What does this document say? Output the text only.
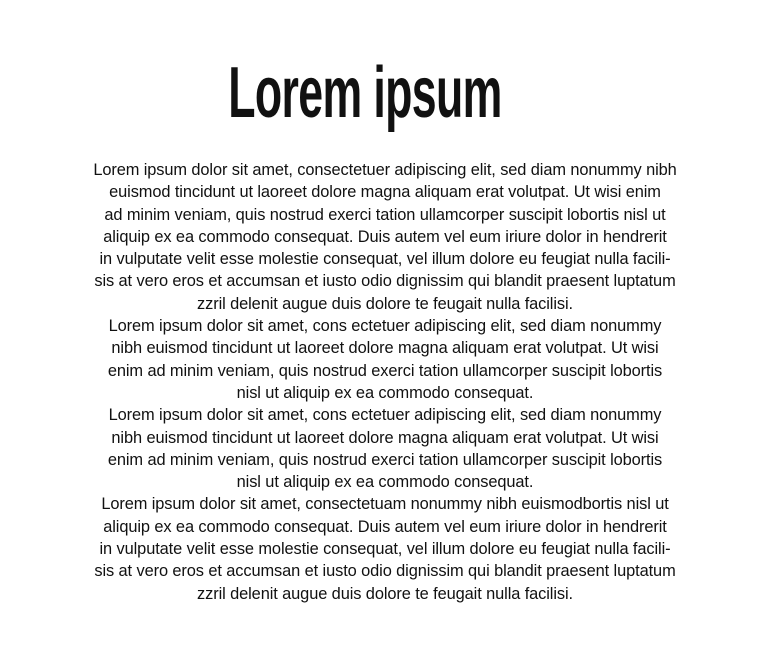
Lorem ipsum
Lorem ipsum dolor sit amet, consectetuer adipiscing elit, sed diam nonummy nibh
euismod tincidunt ut laoreet dolore magna aliquam erat volutpat. Ut wisi enim
ad minim veniam, quis nostrud exerci tation ullamcorper suscipit lobortis nisl ut
aliquip ex ea commodo consequat. Duis autem vel eum iriure dolor in hendrerit
in vulputate velit esse molestie consequat, vel illum dolore eu feugiat nulla facili-
sis at vero eros et accumsan et iusto odio dignissim qui blandit praesent luptatum
zzril delenit augue duis dolore te feugait nulla facilisi.
Lorem ipsum dolor sit amet, cons ectetuer adipiscing elit, sed diam nonummy
nibh euismod tincidunt ut laoreet dolore magna aliquam erat volutpat. Ut wisi
enim ad minim veniam, quis nostrud exerci tation ullamcorper suscipit lobortis
nisl ut aliquip ex ea commodo consequat.
Lorem ipsum dolor sit amet, cons ectetuer adipiscing elit, sed diam nonummy
nibh euismod tincidunt ut laoreet dolore magna aliquam erat volutpat. Ut wisi
enim ad minim veniam, quis nostrud exerci tation ullamcorper suscipit lobortis
nisl ut aliquip ex ea commodo consequat.
Lorem ipsum dolor sit amet, consectetuam nonummy nibh euismodbortis nisl ut
aliquip ex ea commodo consequat. Duis autem vel eum iriure dolor in hendrerit
in vulputate velit esse molestie consequat, vel illum dolore eu feugiat nulla facili-
sis at vero eros et accumsan et iusto odio dignissim qui blandit praesent luptatum
zzril delenit augue duis dolore te feugait nulla facilisi.
